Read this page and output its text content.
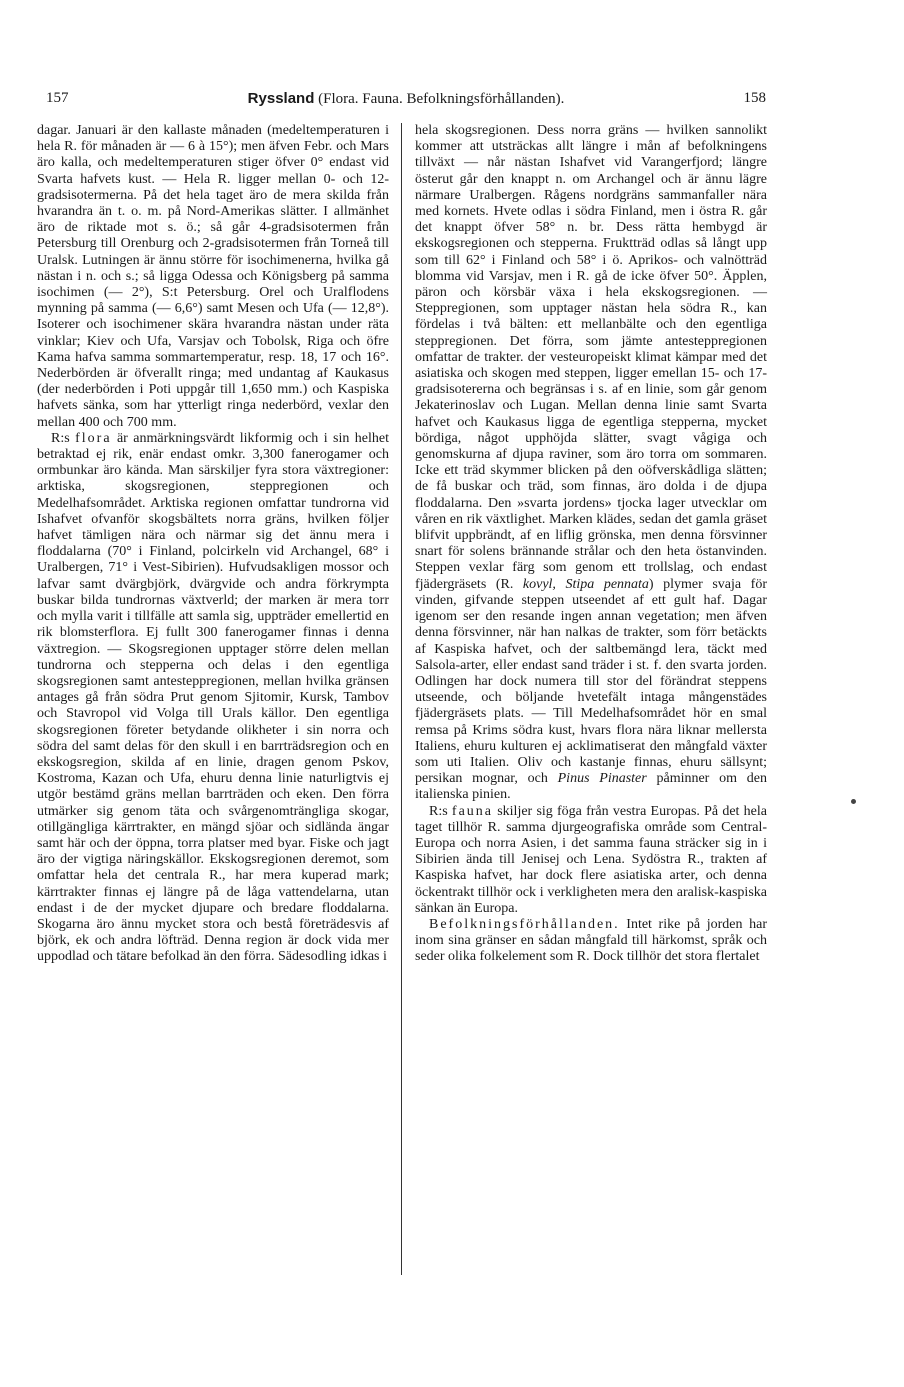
157	Ryssland (Flora. Fauna. Befolkningsförhållanden).	158

dagar. Januari är den kallaste månaden (medeltemperaturen i hela R. för månaden är — 6 à 15°); men äfven Febr. och Mars äro kalla, och medeltemperaturen stiger öfver 0° endast vid Svarta hafvets kust. — Hela R. ligger mellan 0- och 12-gradsisotermerna. På det hela taget äro de mera skilda från hvarandra än t. o. m. på Nord-Amerikas slätter. I allmänhet äro de riktade mot s. ö.; så går 4-gradsisotermen från Petersburg till Orenburg och 2-gradsisotermen från Torneå till Uralsk. Lutningen är ännu större för isochimenerna, hvilka gå nästan i n. och s.; så ligga Odessa och Königsberg på samma isochimen (— 2°), S:t Petersburg. Orel och Uralflodens mynning på samma (— 6,6°) samt Mesen och Ufa (— 12,8°). Isoterer och isochimener skära hvarandra nästan under räta vinklar; Kiev och Ufa, Varsjav och Tobolsk, Riga och öfre Kama hafva samma sommartemperatur, resp. 18, 17 och 16°. Nederbörden är öfverallt ringa; med undantag af Kaukasus (der nederbörden i Poti uppgår till 1,650 mm.) och Kaspiska hafvets sänka, som har ytterligt ringa nederbörd, vexlar den mellan 400 och 700 mm.

R:s flora är anmärkningsvärdt likformig och i sin helhet betraktad ej rik, enär endast omkr. 3,300 fanerogamer och ormbunkar äro kända. Man särskiljer fyra stora växtregioner: arktiska, skogsregionen, steppregionen och Medelhafsområdet. Arktiska regionen omfattar tundrorna vid Ishafvet ofvanför skogsbältets norra gräns, hvilken följer hafvet tämligen nära och närmar sig det ännu mera i floddalarna (70° i Finland, polcirkeln vid Archangel, 68° i Uralbergen, 71° i Vest-Sibirien). Hufvudsakligen mossor och lafvar samt dvärgbjörk, dvärgvide och andra förkrympta buskar bilda tundrornas växtverld; der marken är mera torr och mylla varit i tillfälle att samla sig, uppträder emellertid en rik blomsterflora. Ej fullt 300 fanerogamer finnas i denna växtregion. — Skogsregionen upptager större delen mellan tundrorna och stepperna och delas i den egentliga skogsregionen samt antesteppregionen, mellan hvilka gränsen antages gå från södra Prut genom Sjitomir, Kursk, Tambov och Stavropol vid Volga till Urals källor. Den egentliga skogsregionen företer betydande olikheter i sin norra och södra del samt delas för den skull i en barrträdsregion och en ekskogsregion, skilda af en linie, dragen genom Pskov, Kostroma, Kazan och Ufa, ehuru denna linie naturligtvis ej utgör bestämd gräns mellan barrträden och eken. Den förra utmärker sig genom täta och svårgenomträngliga skogar, otillgängliga kärrtrakter, en mängd sjöar och sidlända ängar samt här och der öppna, torra platser med byar. Fiske och jagt äro der vigtiga näringskällor. Ekskogsregionen deremot, som omfattar hela det centrala R., har mera kuperad mark; kärrtrakter finnas ej längre på de låga vattendelarna, utan endast i de der mycket djupare och bredare floddalarna. Skogarna äro ännu mycket stora och bestå företrädesvis af björk, ek och andra löfträd. Denna region är dock vida mer uppodlad och tätare befolkad än den förra. Sädesodling idkas i

hela skogsregionen. Dess norra gräns — hvilken sannolikt kommer att utsträckas allt längre i mån af befolkningens tillväxt — når nästan Ishafvet vid Varangerfjord; längre österut går den knappt n. om Archangel och är ännu lägre närmare Uralbergen. Rågens nordgräns sammanfaller nära med kornets. Hvete odlas i södra Finland, men i östra R. går det knappt öfver 58° n. br. Dess rätta hembygd är ekskogsregionen och stepperna. Fruktträd odlas så långt upp som till 62° i Finland och 58° i ö. Aprikos- och valnötträd blomma vid Varsjav, men i R. gå de icke öfver 50°. Äpplen, päron och körsbär växa i hela ekskogsregionen. — Steppregionen, som upptager nästan hela södra R., kan fördelas i två bälten: ett mellanbälte och den egentliga steppregionen. Det förra, som jämte antesteppregionen omfattar de trakter. der vesteuropeiskt klimat kämpar med det asiatiska och skogen med steppen, ligger emellan 15- och 17-gradsisotererna och begränsas i s. af en linie, som går genom Jekaterinoslav och Lugan. Mellan denna linie samt Svarta hafvet och Kaukasus ligga de egentliga stepperna, mycket bördiga, något upphöjda slätter, svagt vågiga och genomskurna af djupa raviner, som äro torra om sommaren. Icke ett träd skymmer blicken på den oöfverskådliga slätten; de få buskar och träd, som finnas, äro dolda i de djupa floddalarna. Den »svarta jordens» tjocka lager utvecklar om våren en rik växtlighet. Marken klädes, sedan det gamla gräset blifvit uppbrändt, af en liflig grönska, men denna försvinner snart för solens brännande strålar och den heta östanvinden. Steppen vexlar färg som genom ett trollslag, och endast fjädergräsets (R. kovyl, Stipa pennata) plymer svaja för vinden, gifvande steppen utseendet af ett gult haf. Dagar igenom ser den resande ingen annan vegetation; men äfven denna försvinner, när han nalkas de trakter, som förr betäckts af Kaspiska hafvet, och der saltbemängd lera, täckt med Salsola-arter, eller endast sand träder i st. f. den svarta jorden. Odlingen har dock numera till stor del förändrat steppens utseende, och böljande hvetefält intaga mångenstädes fjädergräsets plats. — Till Medelhafsområdet hör en smal remsa på Krims södra kust, hvars flora nära liknar mellersta Italiens, ehuru kulturen ej acklimatiserat den mångfald växter som uti Italien. Oliv och kastanje finnas, ehuru sällsynt; persikan mognar, och Pinus Pinaster påminner om den italienska pinien.

R:s fauna skiljer sig föga från vestra Europas. På det hela taget tillhör R. samma djurgeografiska område som Central-Europa och norra Asien, i det samma fauna sträcker sig in i Sibirien ända till Jenisej och Lena. Sydöstra R., trakten af Kaspiska hafvet, har dock flere asiatiska arter, och denna öckentrakt tillhör ock i verkligheten mera den aralisk-kaspiska sänkan än Europa.

Befolkningsförhållanden. Intet rike på jorden har inom sina gränser en sådan mångfald till härkomst, språk och seder olika folkelement som R. Dock tillhör det stora flertalet
